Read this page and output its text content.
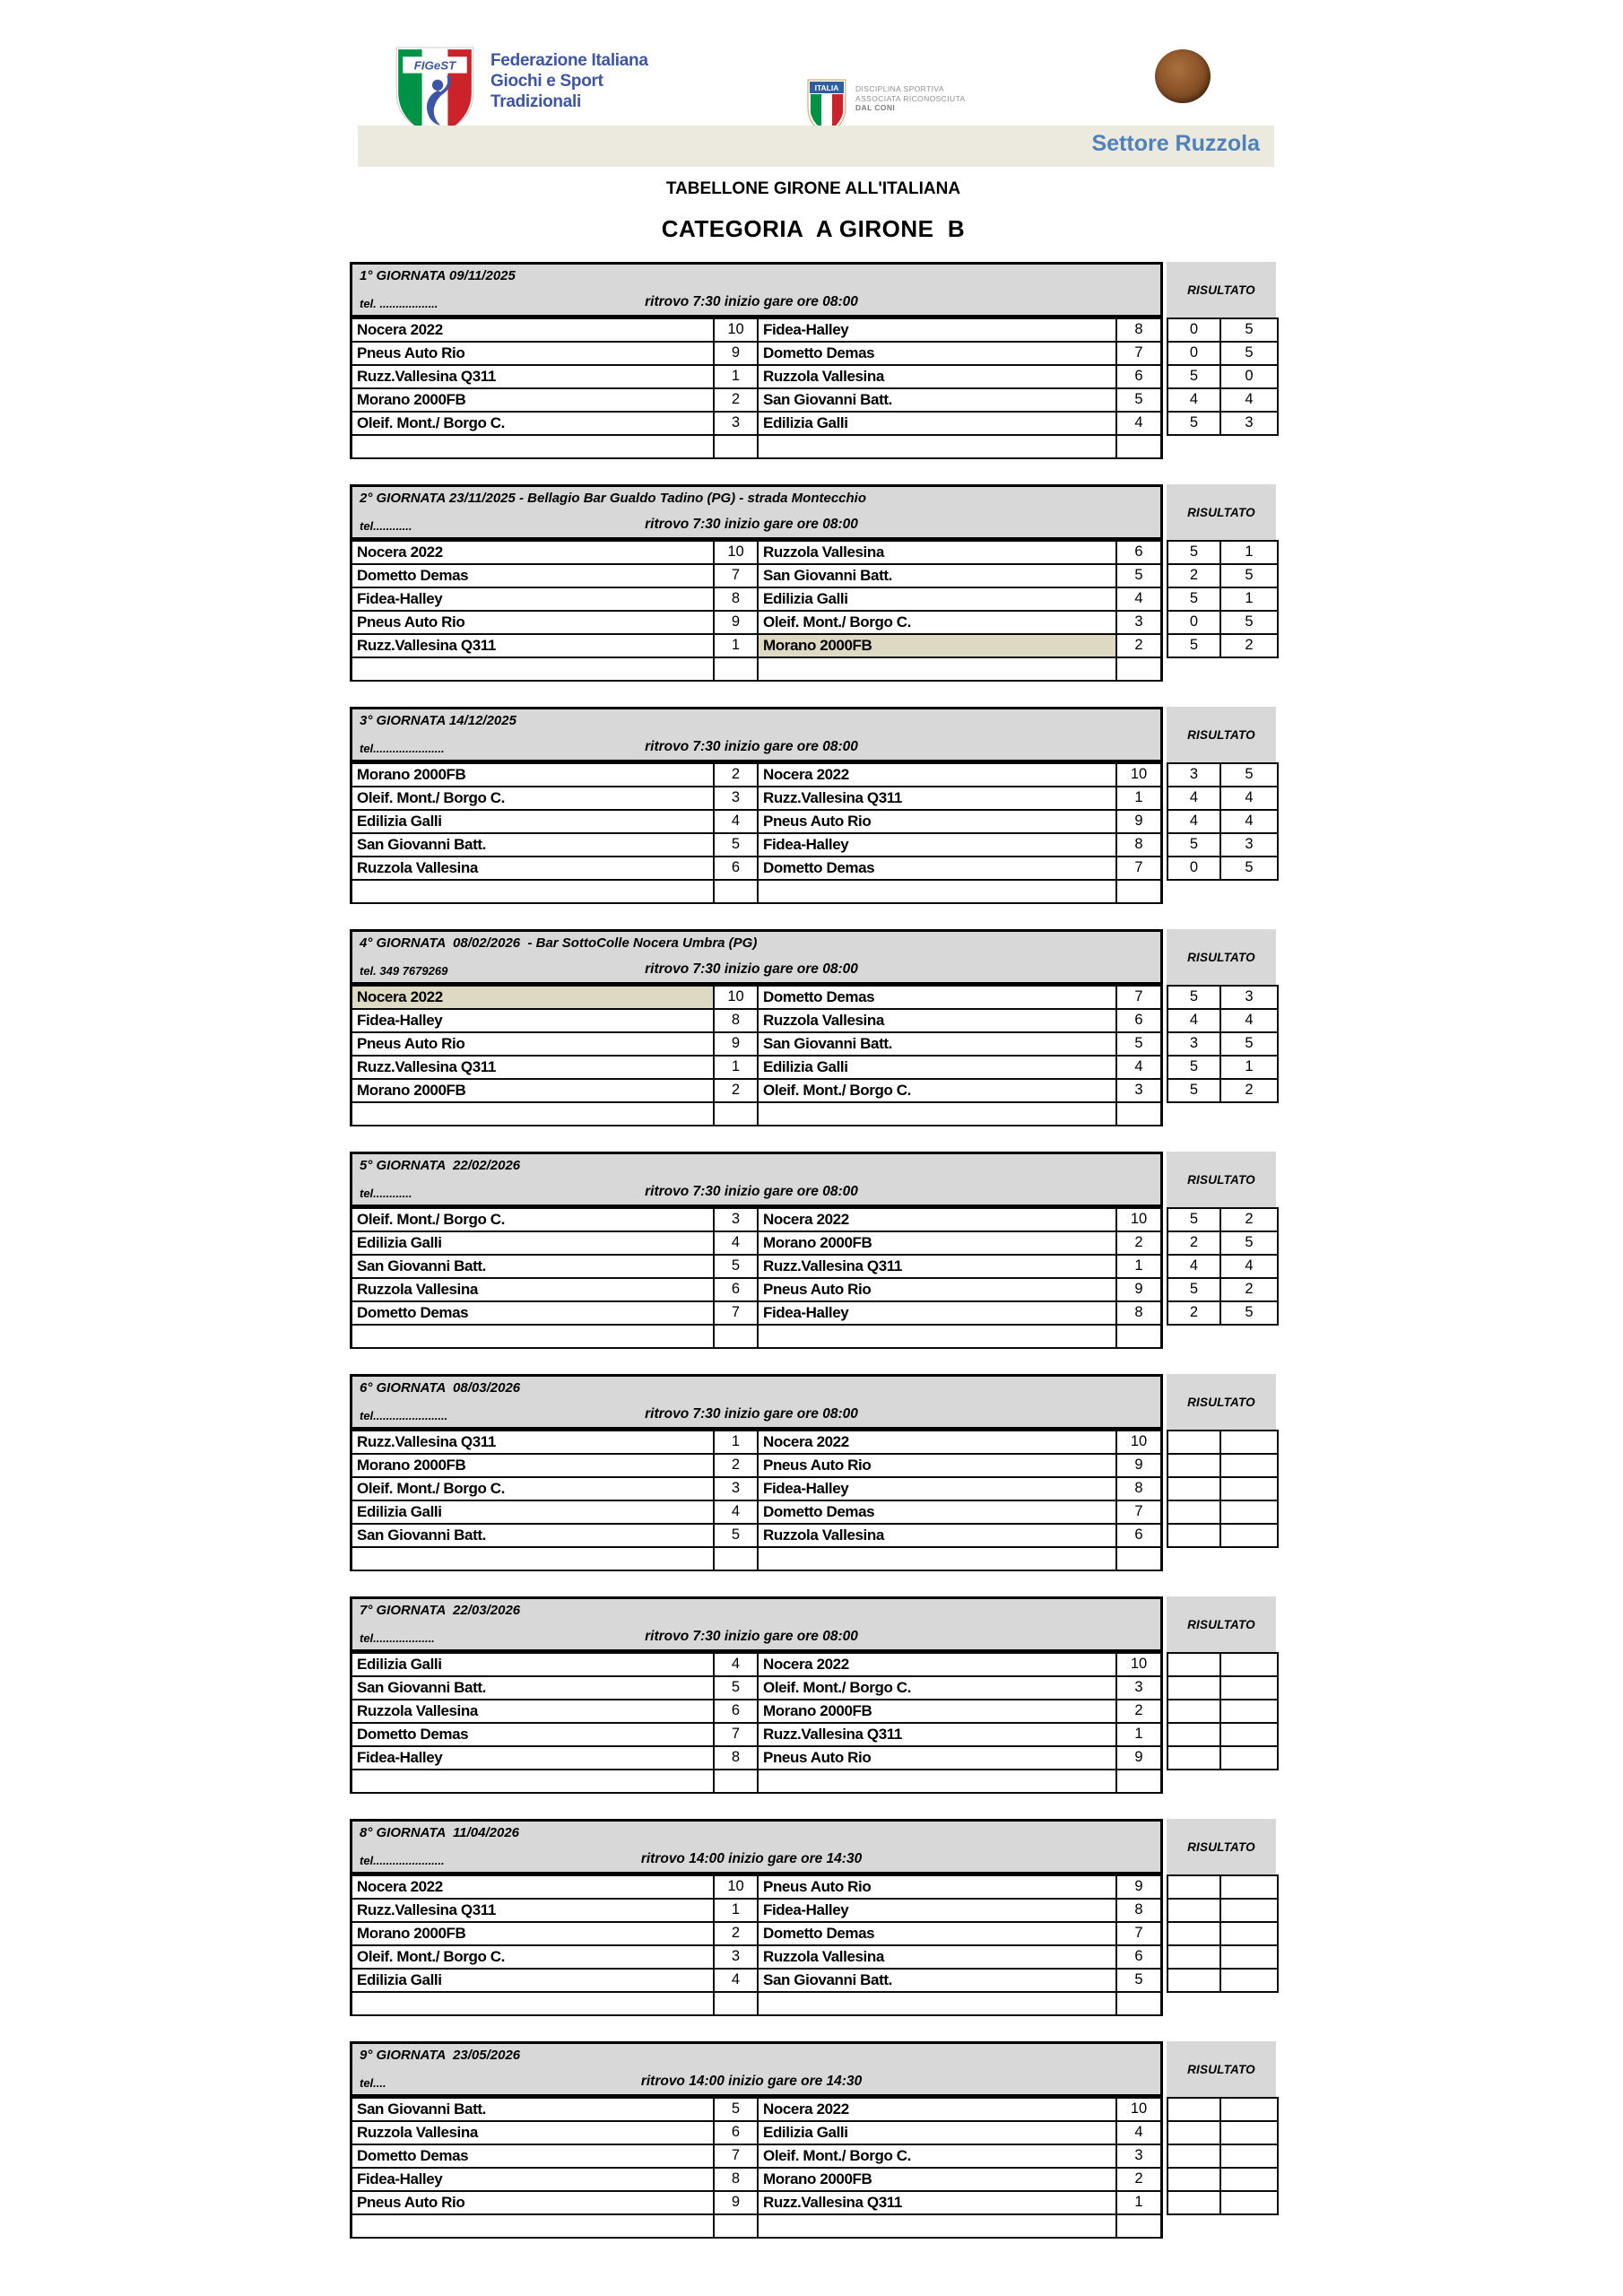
FIGeST Federazione Italiana
Giochi e Sport
Tradizionali
ITALIA DISCIPLINA SPORTIVA
ASSOCIATA RICONOSCIUTA
DAL CONI
Settore Ruzzola
TABELLONE GIRONE ALL'ITALIANA
CATEGORIA  A GIRONE  B
1° GIORNATA 09/11/2025
tel. ..................	ritrovo 7:30 inizio gare ore 08:00
RISULTATO
Nocera 2022	10	Fidea-Halley	8	0	5
Pneus Auto Rio	9	Dometto Demas	7	0	5
Ruzz.Vallesina Q311	1	Ruzzola Vallesina	6	5	0
Morano 2000FB	2	San Giovanni Batt.	5	4	4
Oleif. Mont./ Borgo C.	3	Edilizia Galli	4	5	3
2° GIORNATA 23/11/2025 - Bellagio Bar Gualdo Tadino (PG) - strada Montecchio
tel............	ritrovo 7:30 inizio gare ore 08:00
RISULTATO
Nocera 2022	10	Ruzzola Vallesina	6	5	1
Dometto Demas	7	San Giovanni Batt.	5	2	5
Fidea-Halley	8	Edilizia Galli	4	5	1
Pneus Auto Rio	9	Oleif. Mont./ Borgo C.	3	0	5
Ruzz.Vallesina Q311	1	Morano 2000FB	2	5	2
3° GIORNATA 14/12/2025
tel......................	ritrovo 7:30 inizio gare ore 08:00
RISULTATO
Morano 2000FB	2	Nocera 2022	10	3	5
Oleif. Mont./ Borgo C.	3	Ruzz.Vallesina Q311	1	4	4
Edilizia Galli	4	Pneus Auto Rio	9	4	4
San Giovanni Batt.	5	Fidea-Halley	8	5	3
Ruzzola Vallesina	6	Dometto Demas	7	0	5
4° GIORNATA  08/02/2026  - Bar SottoColle Nocera Umbra (PG)
tel. 349 7679269	ritrovo 7:30 inizio gare ore 08:00
RISULTATO
Nocera 2022	10	Dometto Demas	7	5	3
Fidea-Halley	8	Ruzzola Vallesina	6	4	4
Pneus Auto Rio	9	San Giovanni Batt.	5	3	5
Ruzz.Vallesina Q311	1	Edilizia Galli	4	5	1
Morano 2000FB	2	Oleif. Mont./ Borgo C.	3	5	2
5° GIORNATA  22/02/2026
tel............	ritrovo 7:30 inizio gare ore 08:00
RISULTATO
Oleif. Mont./ Borgo C.	3	Nocera 2022	10	5	2
Edilizia Galli	4	Morano 2000FB	2	2	5
San Giovanni Batt.	5	Ruzz.Vallesina Q311	1	4	4
Ruzzola Vallesina	6	Pneus Auto Rio	9	5	2
Dometto Demas	7	Fidea-Halley	8	2	5
6° GIORNATA  08/03/2026
tel.......................	ritrovo 7:30 inizio gare ore 08:00
RISULTATO
Ruzz.Vallesina Q311	1	Nocera 2022	10
Morano 2000FB	2	Pneus Auto Rio	9
Oleif. Mont./ Borgo C.	3	Fidea-Halley	8
Edilizia Galli	4	Dometto Demas	7
San Giovanni Batt.	5	Ruzzola Vallesina	6
7° GIORNATA  22/03/2026
tel...................	ritrovo 7:30 inizio gare ore 08:00
RISULTATO
Edilizia Galli	4	Nocera 2022	10
San Giovanni Batt.	5	Oleif. Mont./ Borgo C.	3
Ruzzola Vallesina	6	Morano 2000FB	2
Dometto Demas	7	Ruzz.Vallesina Q311	1
Fidea-Halley	8	Pneus Auto Rio	9
8° GIORNATA  11/04/2026
tel......................	ritrovo 14:00 inizio gare ore 14:30
RISULTATO
Nocera 2022	10	Pneus Auto Rio	9
Ruzz.Vallesina Q311	1	Fidea-Halley	8
Morano 2000FB	2	Dometto Demas	7
Oleif. Mont./ Borgo C.	3	Ruzzola Vallesina	6
Edilizia Galli	4	San Giovanni Batt.	5
9° GIORNATA  23/05/2026
tel....	ritrovo 14:00 inizio gare ore 14:30
RISULTATO
San Giovanni Batt.	5	Nocera 2022	10
Ruzzola Vallesina	6	Edilizia Galli	4
Dometto Demas	7	Oleif. Mont./ Borgo C.	3
Fidea-Halley	8	Morano 2000FB	2
Pneus Auto Rio	9	Ruzz.Vallesina Q311	1
